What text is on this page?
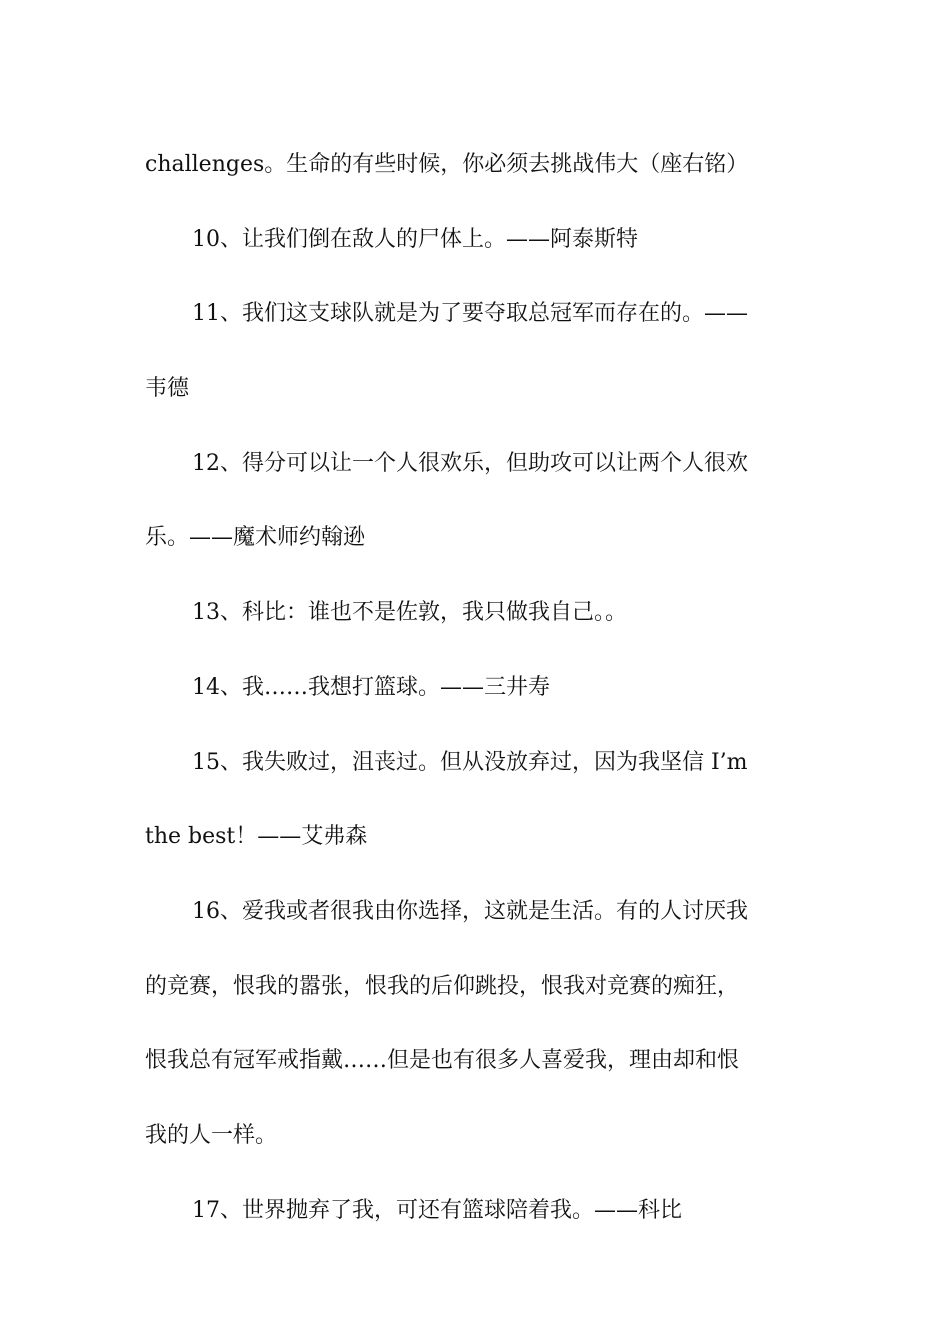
challenges。生命的有些时候，你必须去挑战伟大（座右铭）
10、让我们倒在敌人的尸体上。——阿泰斯特
11、我们这支球队就是为了要夺取总冠军而存在的。——
韦德
12、得分可以让一个人很欢乐，但助攻可以让两个人很欢
乐。——魔术师约翰逊
13、科比：谁也不是佐敦，我只做我自己。。
14、我……我想打篮球。——三井寿
15、我失败过，沮丧过。但从没放弃过，因为我坚信 I’m
the best！——艾弗森
16、爱我或者很我由你选择，这就是生活。有的人讨厌我
的竞赛，恨我的嚣张，恨我的后仰跳投，恨我对竞赛的痴狂，
恨我总有冠军戒指戴……但是也有很多人喜爱我，理由却和恨
我的人一样。
17、世界抛弃了我，可还有篮球陪着我。——科比
